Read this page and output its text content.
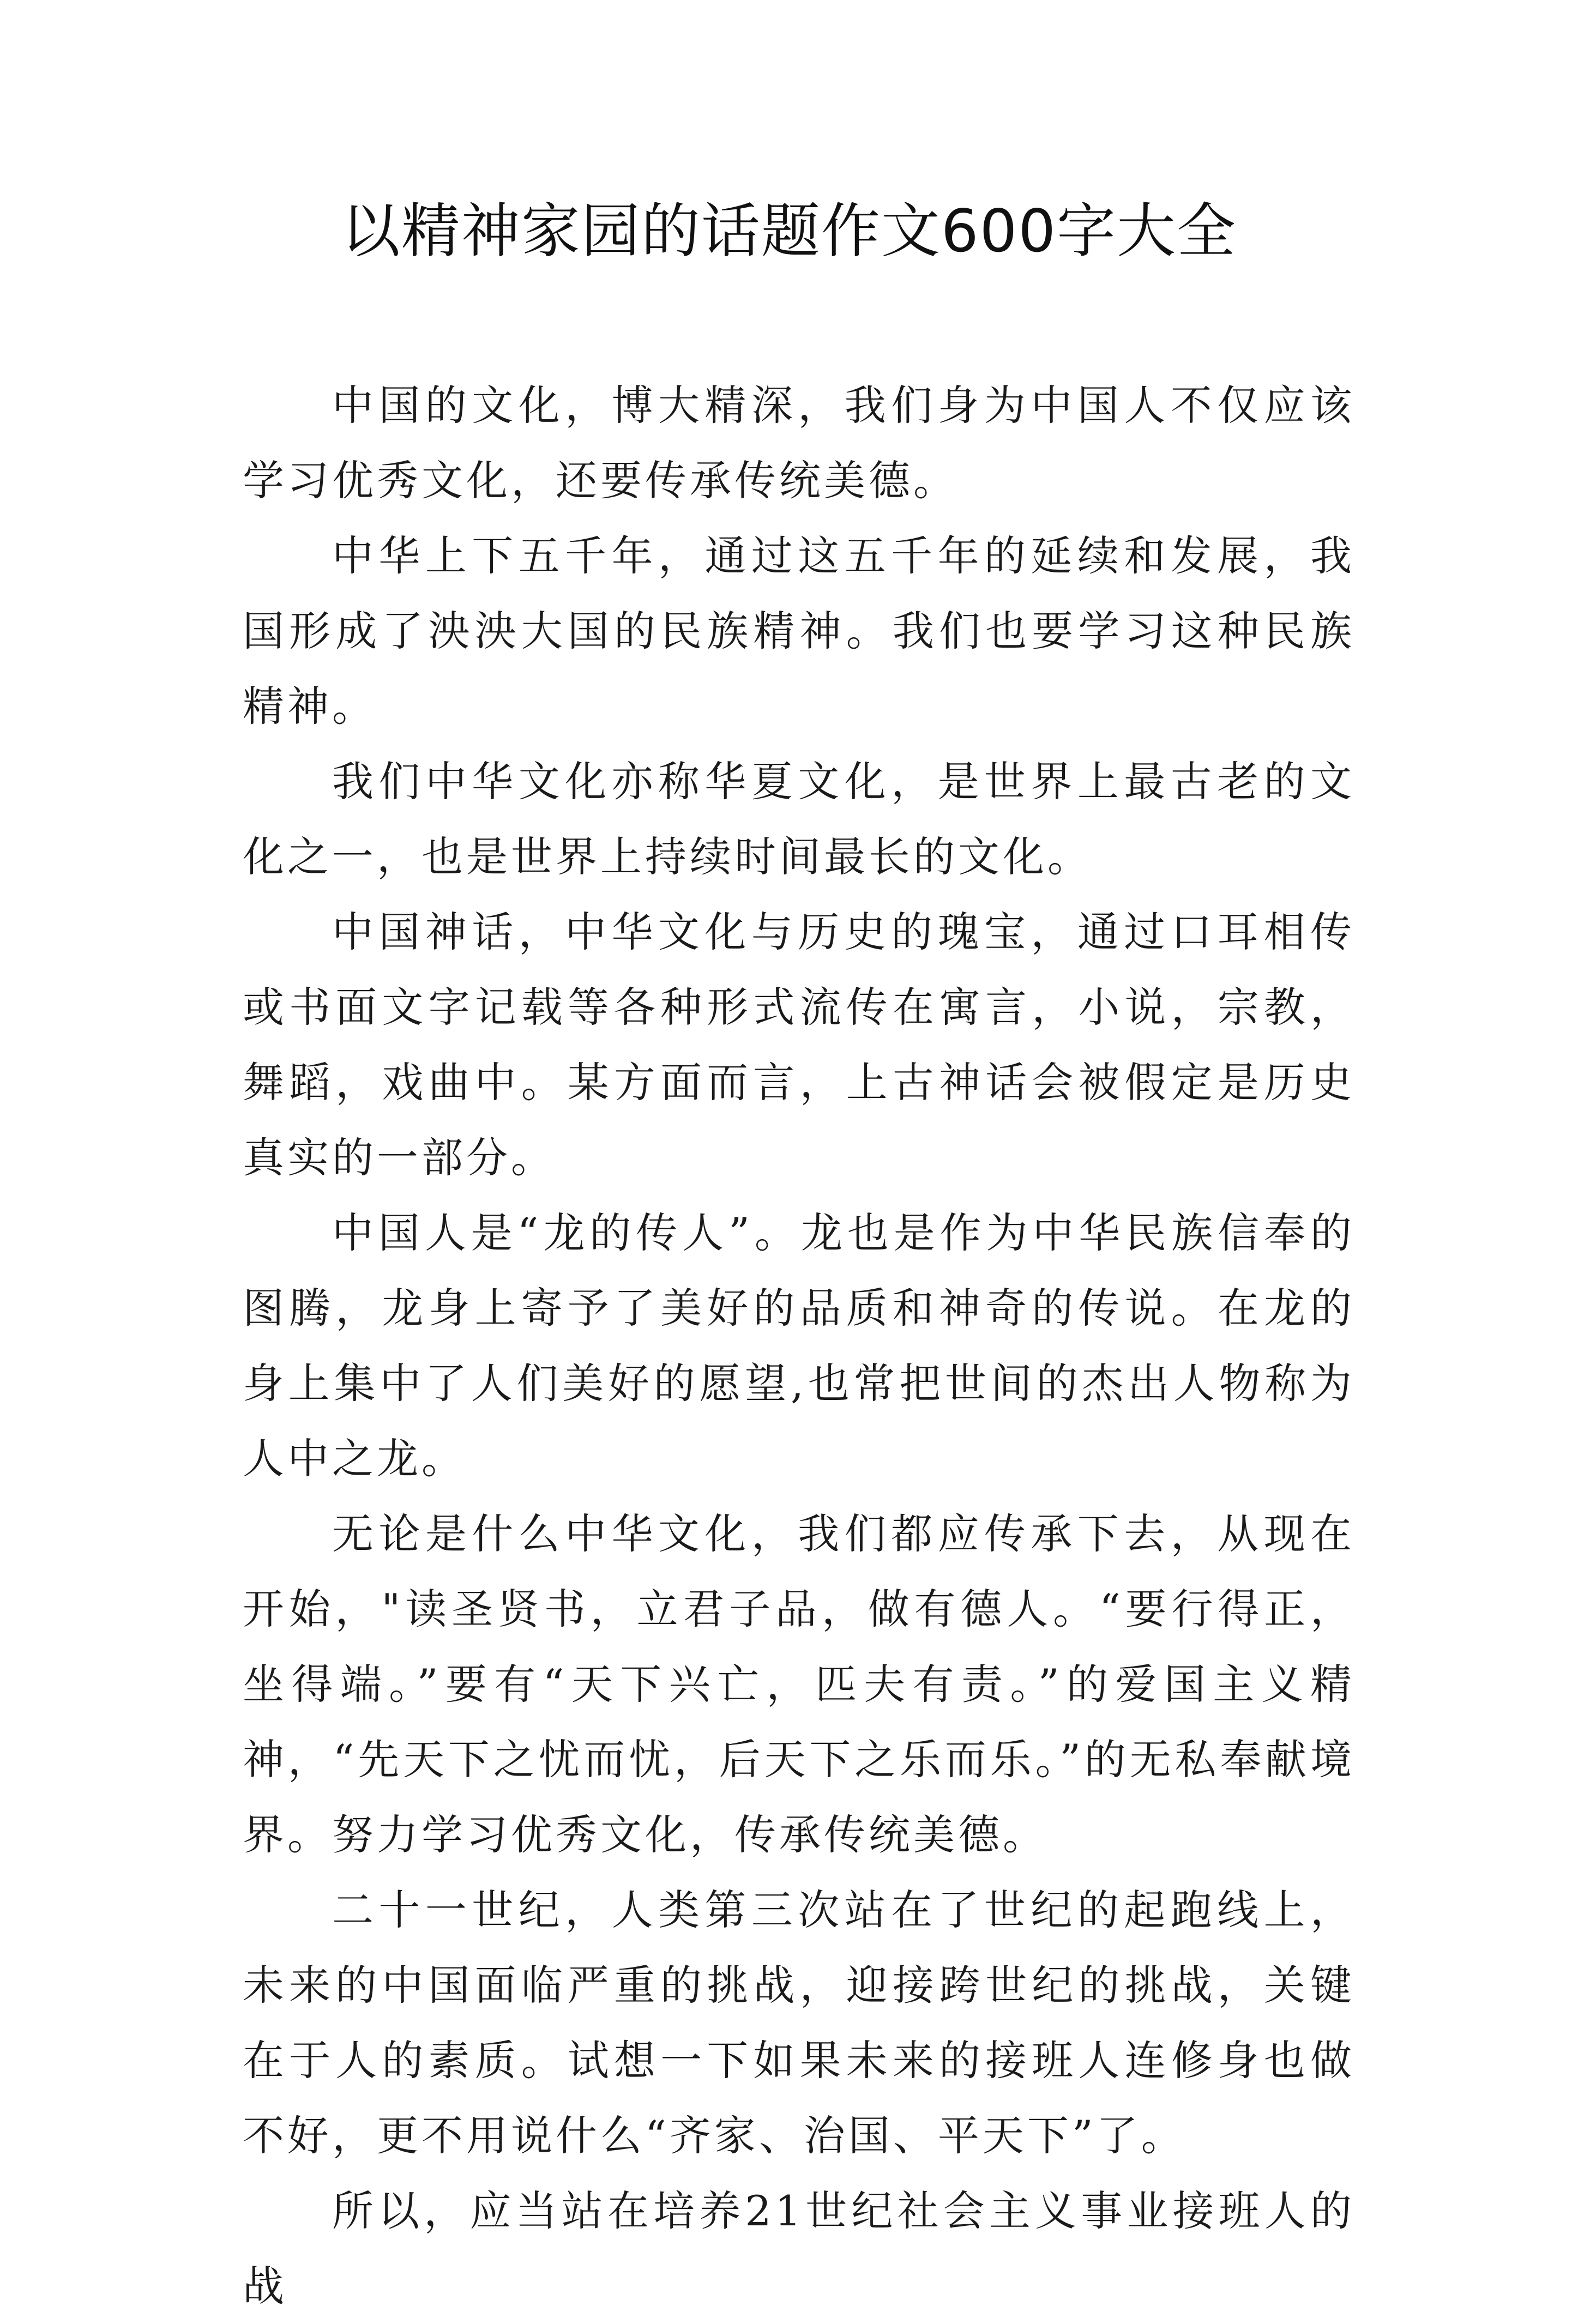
以精神家园的话题作文600字大全

中国的文化，博大精深，我们身为中国人不仅应该学习优秀文化，还要传承传统美德。

中华上下五千年，通过这五千年的延续和发展，我国形成了泱泱大国的民族精神。我们也要学习这种民族精神。

我们中华文化亦称华夏文化，是世界上最古老的文化之一，也是世界上持续时间最长的文化。

中国神话，中华文化与历史的瑰宝，通过口耳相传或书面文字记载等各种形式流传在寓言，小说，宗教，舞蹈，戏曲中。某方面而言，上古神话会被假定是历史真实的一部分。

中国人是“龙的传人”。龙也是作为中华民族信奉的图腾，龙身上寄予了美好的品质和神奇的传说。在龙的身上集中了人们美好的愿望,也常把世间的杰出人物称为人中之龙。

无论是什么中华文化，我们都应传承下去，从现在开始，"读圣贤书，立君子品，做有德人。“要行得正，坐得端。”要有“天下兴亡，匹夫有责。”的爱国主义精神，“先天下之忧而忧，后天下之乐而乐。”的无私奉献境界。努力学习优秀文化，传承传统美德。

二十一世纪，人类第三次站在了世纪的起跑线上，未来的中国面临严重的挑战，迎接跨世纪的挑战，关键在于人的素质。试想一下如果未来的接班人连修身也做不好，更不用说什么“齐家、治国、平天下”了。

所以，应当站在培养21世纪社会主义事业接班人的战
